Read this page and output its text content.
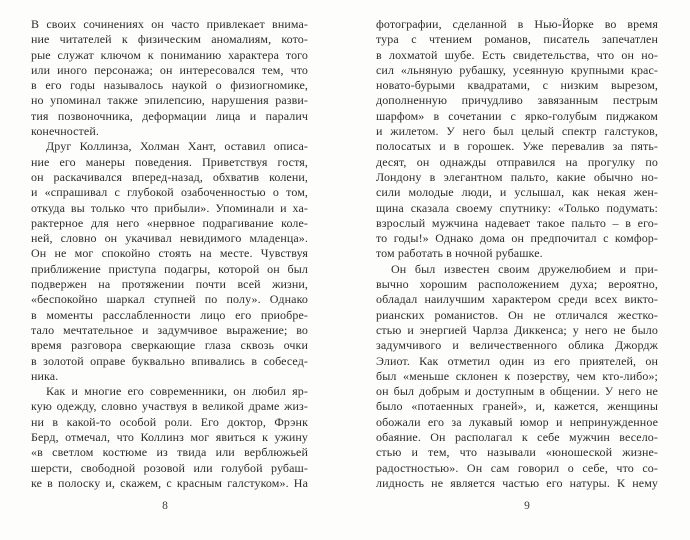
В своих сочинениях он часто привлекает внима-
ние читателей к физическим аномалиям, кото-
рые служат ключом к пониманию характера того
или иного персонажа; он интересовался тем, что
в его годы называлось наукой о физиогномике,
но упоминал также эпилепсию, нарушения разви-
тия позвоночника, деформации лица и паралич
конечностей.
Друг Коллинза, Холман Хант, оставил описа-
ние его манеры поведения. Приветствуя гостя,
он раскачивался вперед-назад, обхватив колени,
и «спрашивал с глубокой озабоченностью о том,
откуда вы только что прибыли». Упоминали и ха-
рактерное для него «нервное подрагивание коле-
ней, словно он укачивал невидимого младенца».
Он не мог спокойно стоять на месте. Чувствуя
приближение приступа подагры, которой он был
подвержен на протяжении почти всей жизни,
«беспокойно шаркал ступней по полу». Однако
в моменты расслабленности лицо его приобре-
тало мечтательное и задумчивое выражение; во
время разговора сверкающие глаза сквозь очки
в золотой оправе буквально впивались в собесед-
ника.
Как и многие его современники, он любил яр-
кую одежду, словно участвуя в великой драме жиз-
ни в какой-то особой роли. Его доктор, Фрэнк
Берд, отмечал, что Коллинз мог явиться к ужину
«в светлом костюме из твида или верблюжьей
шерсти, свободной розовой или голубой рубаш-
ке в полоску и, скажем, с красным галстуком». На
8
фотографии, сделанной в Нью-Йорке во время
тура с чтением романов, писатель запечатлен
в лохматой шубе. Есть свидетельства, что он но-
сил «льняную рубашку, усеянную крупными крас-
новато-бурыми квадратами, с низким вырезом,
дополненную причудливо завязанным пестрым
шарфом» в сочетании с ярко-голубым пиджаком
и жилетом. У него был целый спектр галстуков,
полосатых и в горошек. Уже перевалив за пять-
десят, он однажды отправился на прогулку по
Лондону в элегантном пальто, какие обычно но-
сили молодые люди, и услышал, как некая жен-
щина сказала своему спутнику: «Только подумать:
взрослый мужчина надевает такое пальто – в его-
то годы!» Однако дома он предпочитал с комфор-
том работать в ночной рубашке.
Он был известен своим дружелюбием и при-
вычно хорошим расположением духа; вероятно,
обладал наилучшим характером среди всех викто-
рианских романистов. Он не отличался жестко-
стью и энергией Чарлза Диккенса; у него не было
задумчивого и величественного облика Джордж
Элиот. Как отметил один из его приятелей, он
был «меньше склонен к позерству, чем кто-либо»;
он был добрым и доступным в общении. У него не
было «потаенных граней», и, кажется, женщины
обожали его за лукавый юмор и непринужденное
обаяние. Он располагал к себе мужчин весело-
стью и тем, что называли «юношеской жизне-
радостностью». Он сам говорил о себе, что со-
лидность не является частью его натуры. К нему
9
